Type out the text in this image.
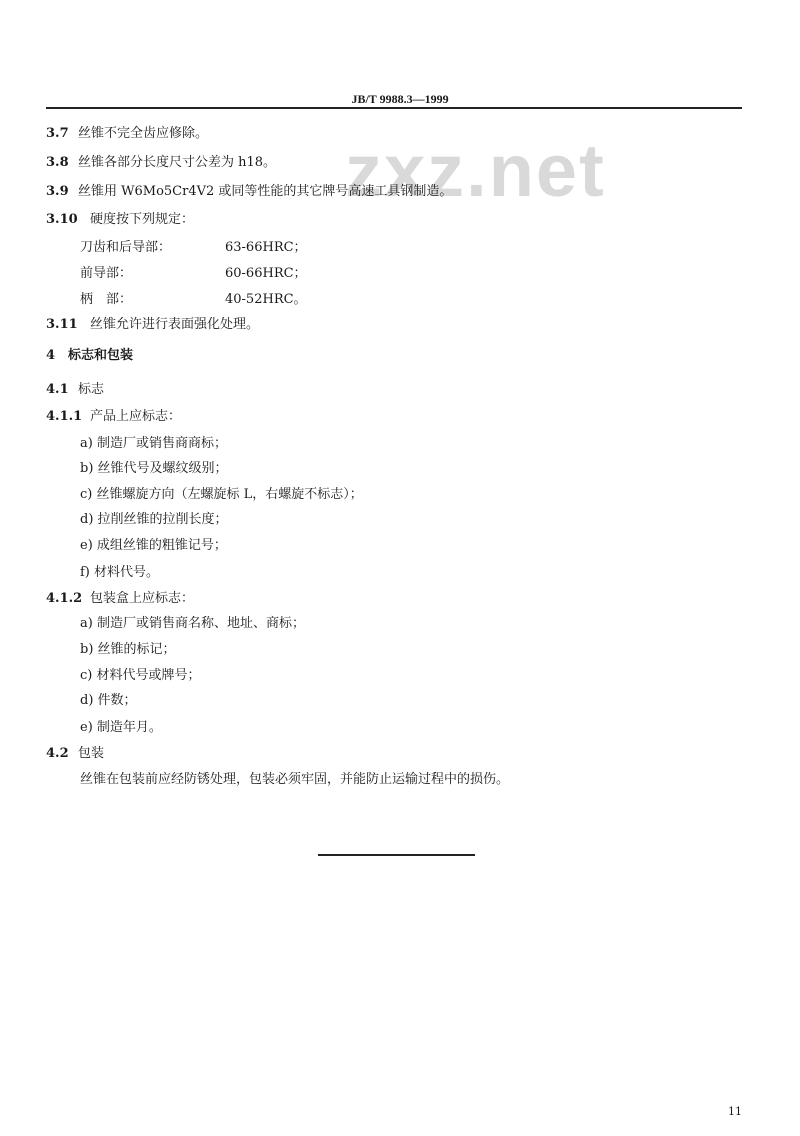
JB/T 9988.3—1999
zxz.net
3.7 丝锥不完全齿应修除。
3.8 丝锥各部分长度尺寸公差为 h18。
3.9 丝锥用 W6Mo5Cr4V2 或同等性能的其它牌号高速工具钢制造。
3.10 硬度按下列规定：
刀齿和后导部：	63-66HRC；
前导部：	60-66HRC；
柄　部：	40-52HRC。
3.11 丝锥允许进行表面强化处理。
4 标志和包装
4.1 标志
4.1.1 产品上应标志：
a) 制造厂或销售商商标；
b) 丝锥代号及螺纹级别；
c) 丝锥螺旋方向（左螺旋标 L，右螺旋不标志）；
d) 拉削丝锥的拉削长度；
e) 成组丝锥的粗锥记号；
f) 材料代号。
4.1.2 包装盒上应标志：
a) 制造厂或销售商名称、地址、商标；
b) 丝锥的标记；
c) 材料代号或牌号；
d) 件数；
e) 制造年月。
4.2 包装
丝锥在包装前应经防锈处理，包装必须牢固，并能防止运输过程中的损伤。
11
